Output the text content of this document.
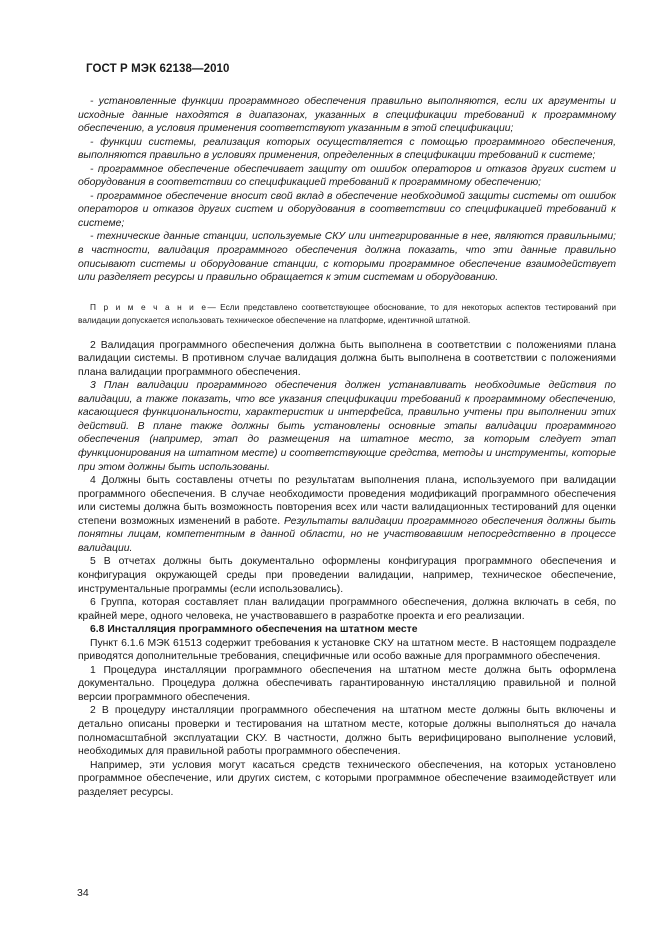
ГОСТ Р МЭК 62138—2010

- установленные функции программного обеспечения правильно выполняются, если их аргументы и исходные данные находятся в диапазонах, указанных в спецификации требований к программному обеспечению, а условия применения соответствуют указанным в этой спецификации;

- функции системы, реализация которых осуществляется с помощью программного обеспечения, выполняются правильно в условиях применения, определенных в спецификации требований к системе;

- программное обеспечение обеспечивает защиту от ошибок операторов и отказов других систем и оборудования в соответствии со спецификацией требований к программному обеспечению;

- программное обеспечение вносит свой вклад в обеспечение необходимой защиты системы от ошибок операторов и отказов других систем и оборудования в соответствии со спецификацией требований к системе;

- технические данные станции, используемые СКУ или интегрированные в нее, являются правильными; в частности, валидация программного обеспечения должна показать, что эти данные правильно описывают системы и оборудование станции, с которыми программное обеспечение взаимодействует или разделяет ресурсы и правильно обращается к этим системам и оборудованию.

П р и м е ч а н и е— Если представлено соответствующее обоснование, то для некоторых аспектов тестирований при валидации допускается использовать техническое обеспечение на платформе, идентичной штатной.

2 Валидация программного обеспечения должна быть выполнена в соответствии с положениями плана валидации системы. В противном случае валидация должна быть выполнена в соответствии с положениями плана валидации программного обеспечения.

3 План валидации программного обеспечения должен устанавливать необходимые действия по валидации, а также показать, что все указания спецификации требований к программному обеспечению, касающиеся функциональности, характеристик и интерфейса, правильно учтены при выполнении этих действий. В плане также должны быть установлены основные этапы валидации программного обеспечения (например, этап до размещения на штатное место, за которым следует этап функционирования на штатном месте) и соответствующие средства, методы и инструменты, которые при этом должны быть использованы.

4 Должны быть составлены отчеты по результатам выполнения плана, используемого при валидации программного обеспечения. В случае необходимости проведения модификаций программного обеспечения или системы должна быть возможность повторения всех или части валидационных тестирований для оценки степени возможных изменений в работе. Результаты валидации программного обеспечения должны быть понятны лицам, компетентным в данной области, но не участвовавшим непосредственно в процессе валидации.

5 В отчетах должны быть документально оформлены конфигурация программного обеспечения и конфигурация окружающей среды при проведении валидации, например, техническое обеспечение, инструментальные программы (если использовались).

6 Группа, которая составляет план валидации программного обеспечения, должна включать в себя, по крайней мере, одного человека, не участвовавшего в разработке проекта и его реализации.

6.8 Инсталляция программного обеспечения на штатном месте

Пункт 6.1.6 МЭК 61513 содержит требования к установке СКУ на штатном месте. В настоящем подразделе приводятся дополнительные требования, специфичные или особо важные для программного обеспечения.

1 Процедура инсталляции программного обеспечения на штатном месте должна быть оформлена документально. Процедура должна обеспечивать гарантированную инсталляцию правильной и полной версии программного обеспечения.

2 В процедуру инсталляции программного обеспечения на штатном месте должны быть включены и детально описаны проверки и тестирования на штатном месте, которые должны выполняться до начала полномасштабной эксплуатации СКУ. В частности, должно быть верифицировано выполнение условий, необходимых для правильной работы программного обеспечения.

Например, эти условия могут касаться средств технического обеспечения, на которых установлено программное обеспечение, или других систем, с которыми программное обеспечение взаимодействует или разделяет ресурсы.

34
